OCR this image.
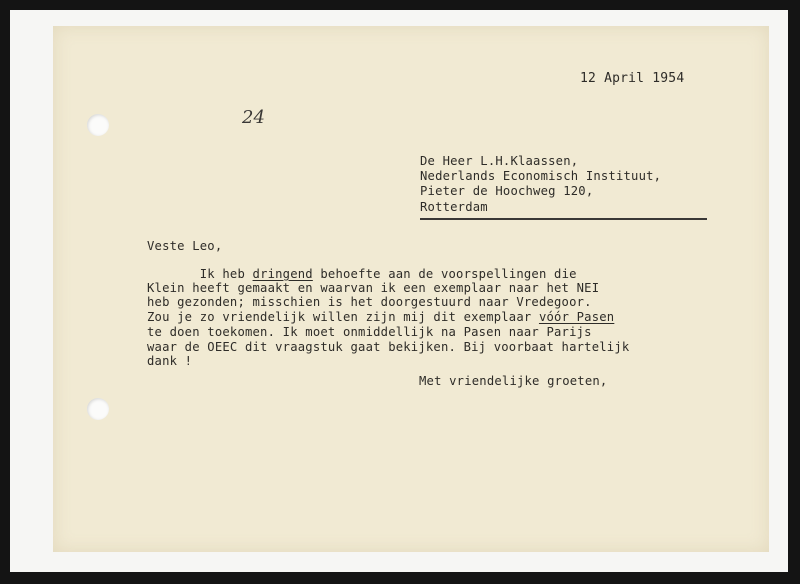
12 April 1954
24
De Heer L.H.Klaassen,
Nederlands Economisch Instituut,
Pieter de Hoochweg 120,
Rotterdam
Veste Leo,
Ik heb dringend behoefte aan de voorspellingen die
Klein heeft gemaakt en waarvan ik een exemplaar naar het NEI
heb gezonden; misschien is het doorgestuurd naar Vredegoor.
Zou je zo vriendelijk willen zijn mij dit exemplaar vóór Pasen
te doen toekomen. Ik moet onmiddellijk na Pasen naar Parijs
waar de OEEC dit vraagstuk gaat bekijken. Bij voorbaat hartelijk
dank !
Met vriendelijke groeten,
